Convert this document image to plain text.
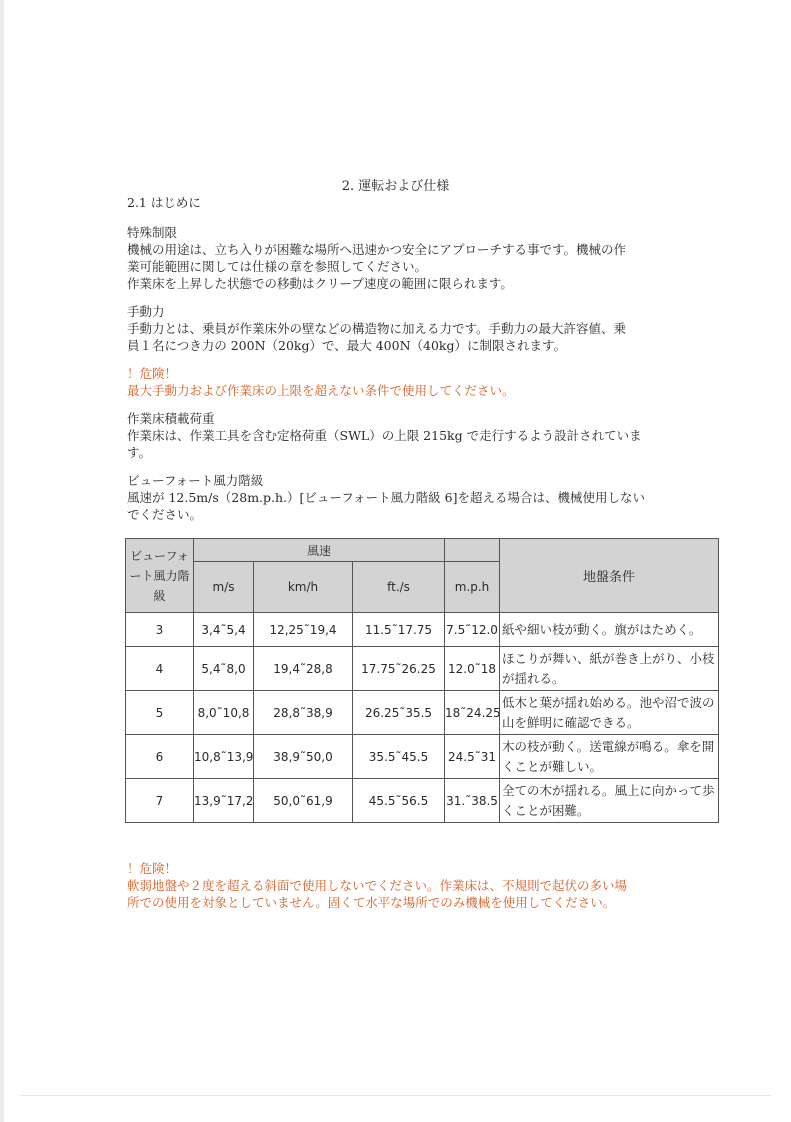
2. 運転および仕様

2.1 はじめに

特殊制限

機械の用途は、立ち入りが困難な場所へ迅速かつ安全にアプローチする事です。機械の作

業可能範囲に関しては仕様の章を参照してください。

作業床を上昇した状態での移動はクリープ速度の範囲に限られます。

手動力

手動力とは、乗員が作業床外の壁などの構造物に加える力です。手動力の最大許容値、乗

員１名につき力の 200N（20kg）で、最大 400N（40kg）に制限されます。

！危険！

最大手動力および作業床の上限を超えない条件で使用してください。

作業床積載荷重

作業床は、作業工具を含む定格荷重（SWL）の上限 215kg で走行するよう設計されていま

す。

ビューフォート風力階級

風速が 12.5m/s（28m.p.h.）[ビューフォート風力階級 6]を超える場合は、機械使用しない

でください。

ビューフォート風力階級	風速				地盤条件
	m/s	km/h	ft./s	m.p.h	
3	3,4˜5,4	12,25˜19,4	11.5˜17.75	7.5˜12.0	紙や細い枝が動く。旗がはためく。
4	5,4˜8,0	19,4˜28,8	17.75˜26.25	12.0˜18	ほこりが舞い、紙が巻き上がり、小枝が揺れる。
5	8,0˜10,8	28,8˜38,9	26.25˜35.5	18˜24.25	低木と葉が揺れ始める。池や沼で波の山を鮮明に確認できる。
6	10,8˜13,9	38,9˜50,0	35.5˜45.5	24.5˜31	木の枝が動く。送電線が鳴る。傘を開くことが難しい。
7	13,9˜17,2	50,0˜61,9	45.5˜56.5	31.˜38.5	全ての木が揺れる。風上に向かって歩くことが困難。

！危険！

軟弱地盤や２度を超える斜面で使用しないでください。作業床は、不規則で起伏の多い場

所での使用を対象としていません。固くて水平な場所でのみ機械を使用してください。
